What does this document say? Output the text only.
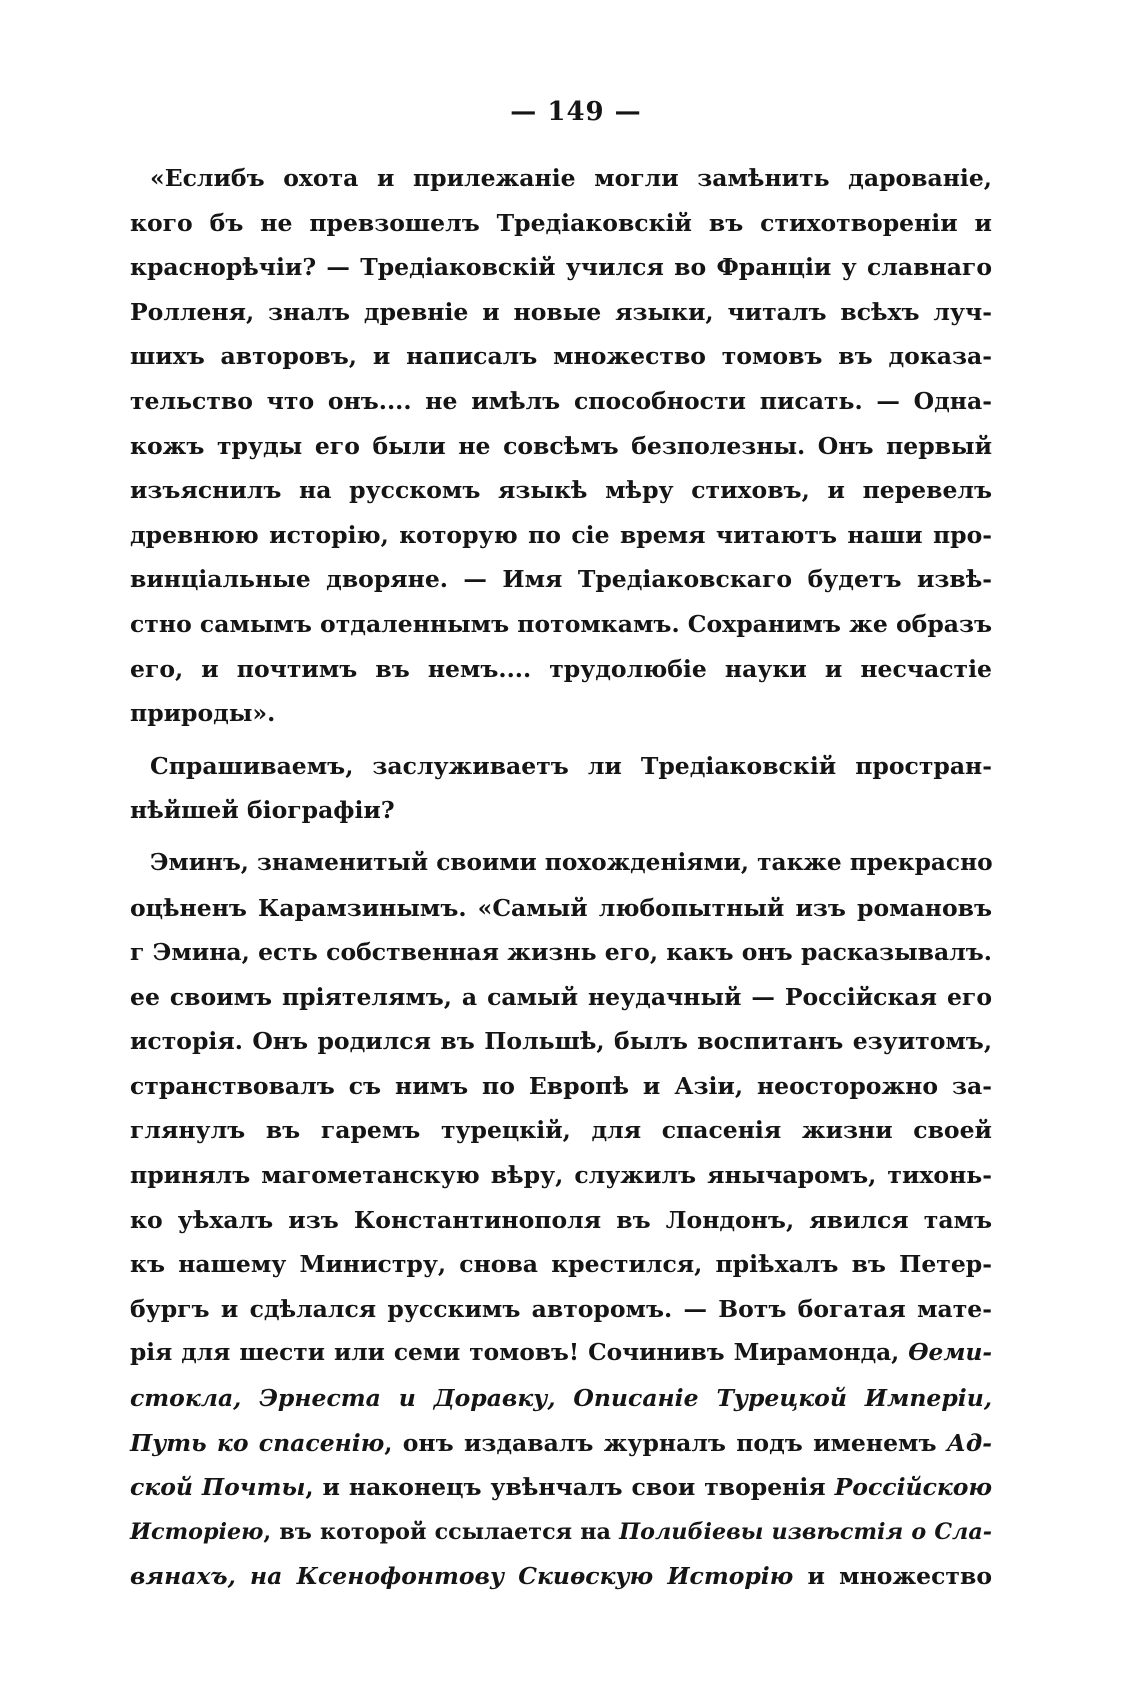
— 149 —
«Еслибъ охота и прилежаніе могли замѣнить дарованіе,
кого бъ не превзошелъ Тредіаковскій въ стихотвореніи и
краснорѣчіи? — Тредіаковскій учился во Франціи у славнаго
Ролленя, зналъ древніе и новые языки, читалъ всѣхъ луч-
шихъ авторовъ, и написалъ множество томовъ въ доказа-
тельство что онъ.... не имѣлъ способности писать. — Одна-
кожъ труды его были не совсѣмъ безполезны. Онъ первый
изъяснилъ на русскомъ языкѣ мѣру стиховъ, и перевелъ
древнюю исторію, которую по сіе время читаютъ наши про-
винціальные дворяне. — Имя Тредіаковскаго будетъ извѣ-
стно самымъ отдаленнымъ потомкамъ. Сохранимъ же образъ
его, и почтимъ въ немъ.... трудолюбіе науки и несчастіе
природы».
Спрашиваемъ, заслуживаетъ ли Тредіаковскій простран-
нѣйшей біографіи?
Эминъ, знаменитый своими похожденіями, также прекрасно
оцѣненъ Карамзинымъ. «Самый любопытный изъ романовъ
г Эмина, есть собственная жизнь его, какъ онъ расказывалъ.
ее своимъ пріятелямъ, а самый неудачный — Россійская его
исторія. Онъ родился въ Польшѣ, былъ воспитанъ езуитомъ,
странствовалъ съ нимъ по Европѣ и Азіи, неосторожно за-
глянулъ въ гаремъ турецкій, для спасенія жизни своей
принялъ магометанскую вѣру, служилъ янычаромъ, тихонь-
ко уѣхалъ изъ Константинополя въ Лондонъ, явился тамъ
къ нашему Министру, снова крестился, пріѣхалъ въ Петер-
бургъ и сдѣлался русскимъ авторомъ. — Вотъ богатая мате-
рія для шести или семи томовъ! Сочинивъ Мирамонда, Ѳеми-
стокла, Эрнеста и Доравку, Описаніе Турецкой Имперіи,
Путь ко спасенію, онъ издавалъ журналъ подъ именемъ Ад-
ской Почты, и наконецъ увѣнчалъ свои творенія Россійскою
Исторіею, въ которой ссылается на Полибіевы извѣстія о Сла-
вянахъ, на Ксенофонтову Скиѳскую Исторію и множество
